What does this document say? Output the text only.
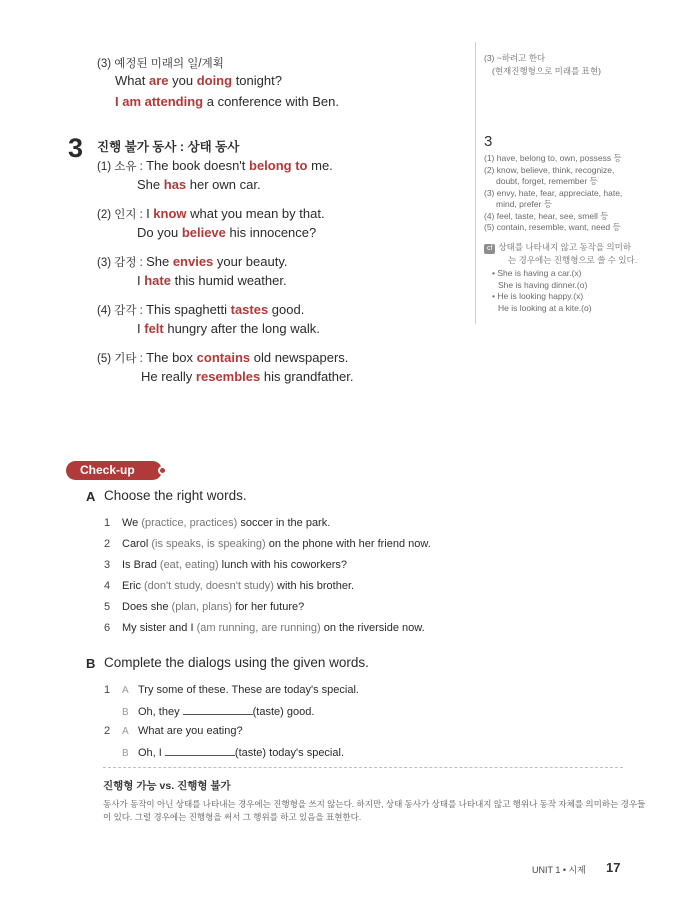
(3) 예정된 미래의 일/계획
What are you doing tonight?
I am attending a conference with Ben.
3 진행 불가 동사 : 상태 동사
(1) 소유 : The book doesn't belong to me.
She has her own car.
(2) 인지 : I know what you mean by that.
Do you believe his innocence?
(3) 감정 : She envies your beauty.
I hate this humid weather.
(4) 감각 : This spaghetti tastes good.
I felt hungry after the long walk.
(5) 기타 : The box contains old newspapers.
He really resembles his grandfather.
(3) ~하려고 한다
(현재진행형으로 미래를 표현)
3
(1) have, belong to, own, possess 등
(2) know, believe, think, recognize,
doubt, forget, remember 등
(3) envy, hate, fear, appreciate, hate,
mind, prefer 등
(4) feel, taste, hear, see, smell 등
(5) contain, resemble, want, need 등
cf 상태를 나타내지 않고 동작을 의미하
는 경우에는 진행형으로 쓸 수 있다.
• She is having a car.(x)
She is having dinner.(o)
• He is looking happy.(x)
He is looking at a kite.(o)
Check-up
A Choose the right words.
1 We (practice, practices) soccer in the park.
2 Carol (is speaks, is speaking) on the phone with her friend now.
3 Is Brad (eat, eating) lunch with his coworkers?
4 Eric (don't study, doesn't study) with his brother.
5 Does she (plan, plans) for her future?
6 My sister and I (am running, are running) on the riverside now.
B Complete the dialogs using the given words.
1 A Try some of these. These are today's special.
B Oh, they	(taste) good.
2 A What are you eating?
B Oh, I	(taste) today's special.
진행형 가능 vs. 진행형 불가
동사가 동작이 아닌 상태를 나타내는 경우에는 진행형을 쓰지 않는다. 하지만, 상태 동사가 상태를 나타내지 않고 행위나 동작 자체를 의미하는 경우들
이 있다. 그럴 경우에는 진행형을 써서 그 행위를 하고 있음을 표현한다.
UNIT 1 • 시제 17
